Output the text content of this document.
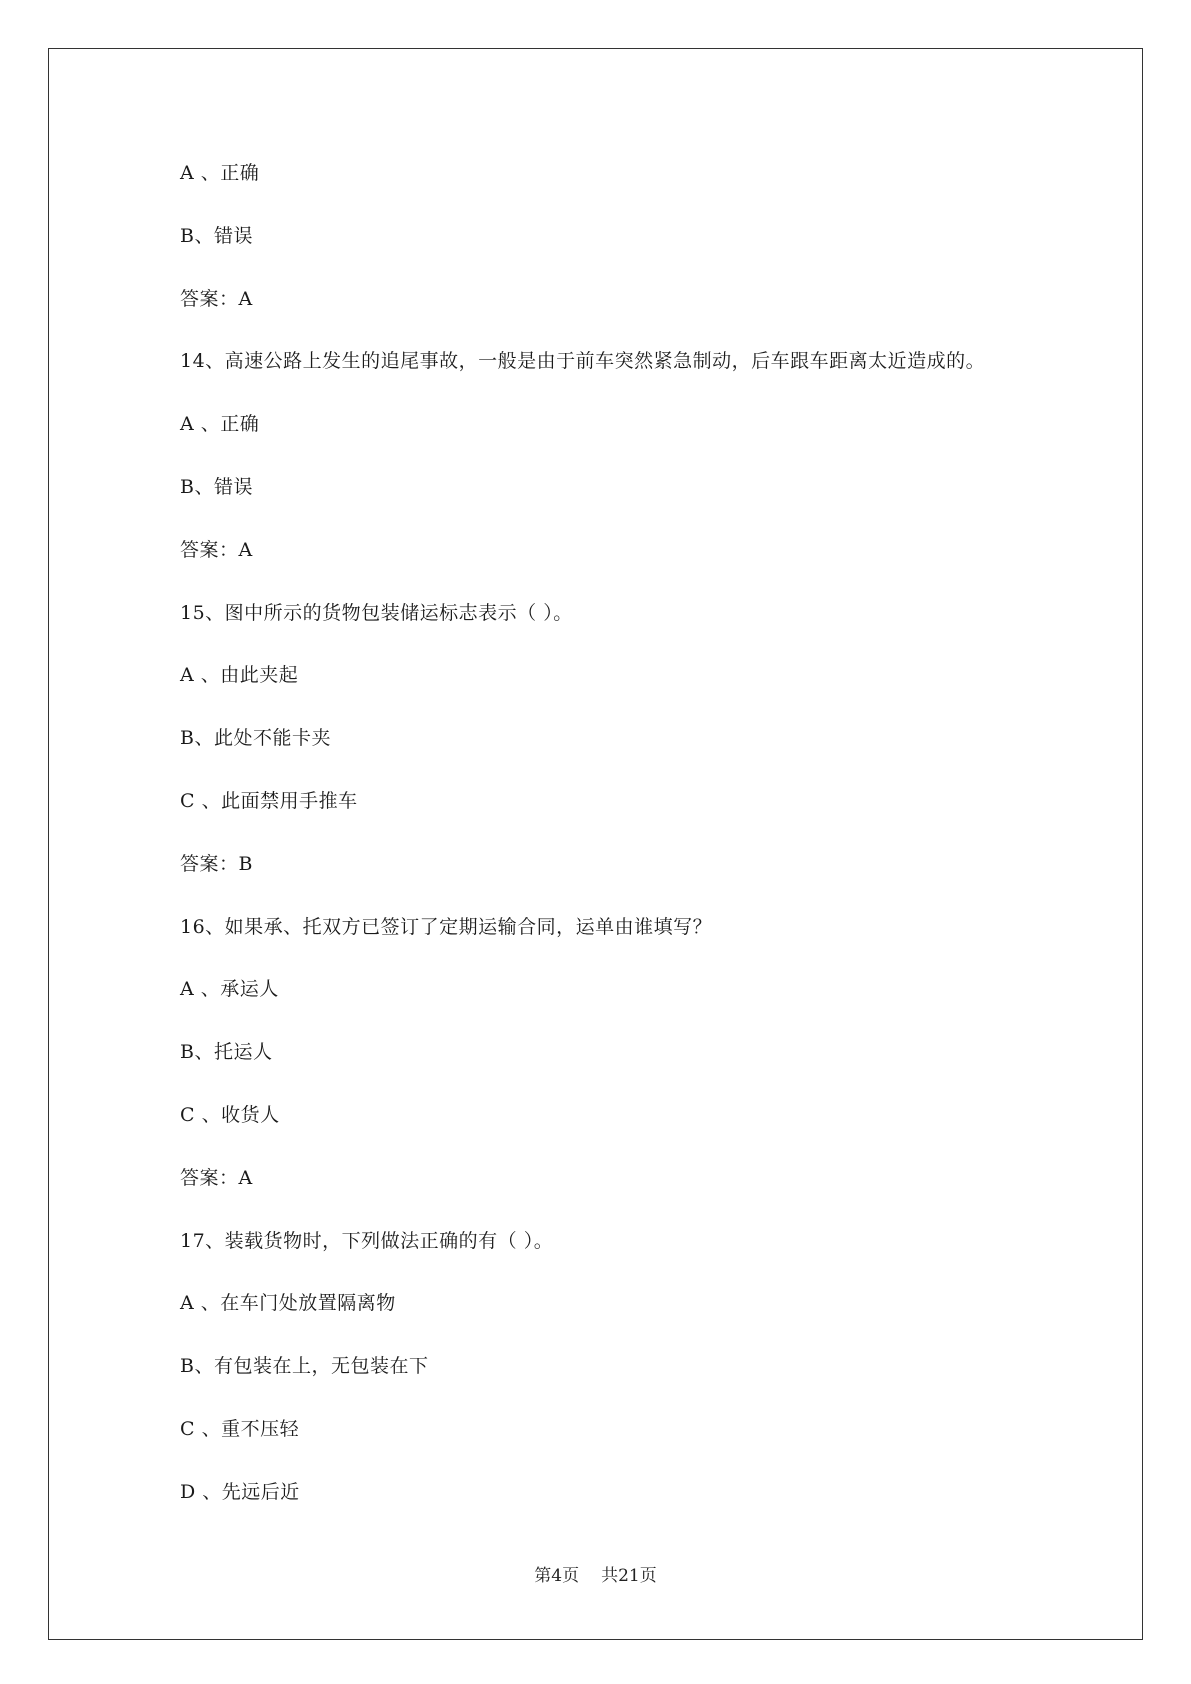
A 、正确
B、错误
答案：A
14、高速公路上发生的追尾事故，一般是由于前车突然紧急制动，后车跟车距离太近造成的。
A 、正确
B、错误
答案：A
15、图中所示的货物包装储运标志表示（ ）。
A 、由此夹起
B、此处不能卡夹
C 、此面禁用手推车
答案：B
16、如果承、托双方已签订了定期运输合同，运单由谁填写？
A 、承运人
B、托运人
C 、收货人
答案：A
17、装载货物时，下列做法正确的有（ ）。
A 、在车门处放置隔离物
B、有包装在上，无包装在下
C 、重不压轻
D 、先远后近
第4页 共21页
